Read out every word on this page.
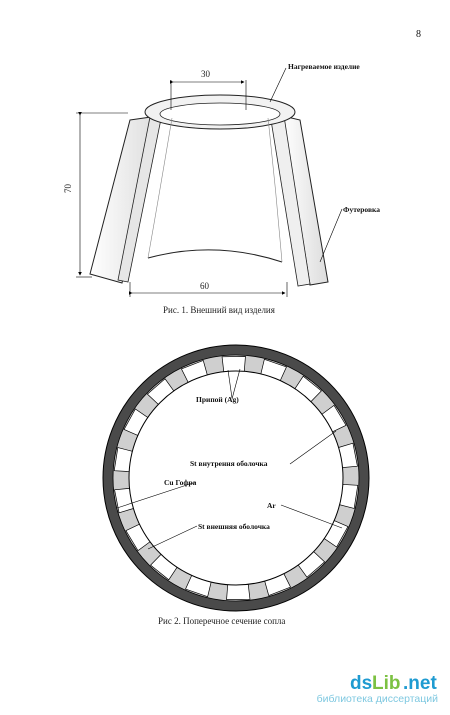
8
30
60
70
Нагреваемое изделие
Футеровка
Рис. 1. Внешний вид изделия
Припой (Ag)
St внутрення оболочка
Cu Гофра
Ar
St внешняя оболочка
Рис 2. Поперечное сечение сопла
ds Lib .net
библиотека диссертаций
